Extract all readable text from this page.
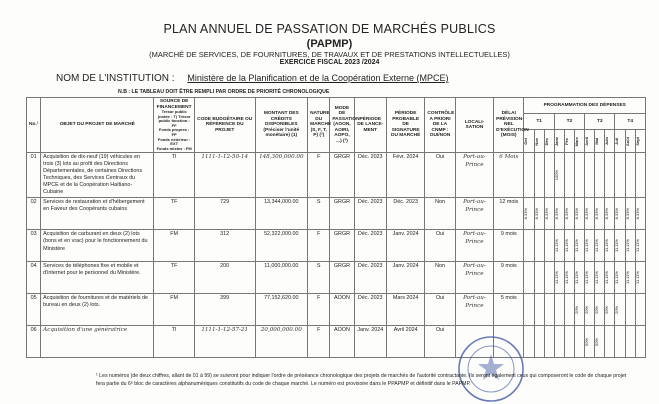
PLAN ANNUEL DE PASSATION DE MARCHÉS PUBLICS
(PAPMP)
(MARCHÉ DE SERVICES, DE FOURNITURES, DE TRAVAUX ET DE PRESTATIONS INTELLECTUELLES)
EXERCICE FISCAL 2023 /2024
NOM DE L'INSTITUTION : Ministère de la Planification et de la Coopération Externe (MPCE)
N.B : LE TABLEAU DOIT ÊTRE REMPLI PAR ORDRE DE PRIORITÉ CHRONOLOGIQUE
No.¹	OBJET DU PROJET DE MARCHÉ	SOURCE DE FINANCEMENT
Trésor public (notée : T) Trésor public fonction.: FF
Fonds propres : FP
Fonds extérieur : EXT
Fonds mixtes : FM	CODE BUDGÉTAIRE OU RÉFÉRENCE DU PROJET	MONTANT DES CRÉDITS DISPONIBLES (Préciser l'unité monétaire) (1)	NATURE DU MARCHÉ (S, F, T, P) (²)	MODE DE PASSATION (AOON, AOIRI, AOPO, ...) (³)	PÉRIODE DE LANCE-MENT	PÉRIODE PROBABLE DE SIGNATURE DU MARCHÉ	CONTRÔLE A PRIORI DE LA CNMP : OUI/NON	LOCALI-SATION	DÉLAI PRÉVISION-NEL D'EXÉCUTION (MOIS)	PROGRAMMATION DES DÉPENSES											
												T1			T2			T3			T4		

												Oct	Nov	Déc	Janv	Fév	Mars	Avril	Mai	Juin	Juil	Août	Sept

01	Acquisition de dix-neuf (19) véhicules en trois (3) lots au profit des Directions Départementales, de certaines Directions Techniques, des Services Centraux du MPCE et de la Coopération Haïtiano-Cubaine	TI	1111-1-12-50-14	148,300,000.00	F	GRGR	Déc. 2023	Févr. 2024	Oui	Port-au-Prince	6 Mois				100%								

02	Services de restauration et d'hébergement en Faveur des Coopérants cubains	TF	729	13,344,000.00	S	GRGR	Déc. 2023	Déc. 2023	Non	Port-au-Prince	12 mois	8.33%	8.33%	8.33%	8.33%	8.33%	8.33%	8.33%	8.33%	8.33%	8.33%	8.33%	8.33%

03	Acquisition de carburant en deux (2) lots (bons et en vrac) pour le fonctionnement du Ministère	FM	312	52,322,000.00	F	GRGR	Déc. 2023	Janv. 2024	Oui	Port-au-Prince	9 mois				11.11%	11.11%	11.11%	11.11%	11.11%	11.11%	11.11%	11.11%	11.11%

04	Services de téléphones fixe et mobile et d'internet pour le personnel du Ministère.	TF	200	11,000,000.00	S	GRGR	Déc. 2023	Janv. 2024	Non	Port-au-Prince	9 mois				11.11%	11.11%	11.11%	11.11%	11.11%	11.11%	11.11%	11.11%	11.11%

05	Acquisition de fournitures et de matériels de bureau en deux (2) lots.	FM	399	77,152,620.00	F	AOON	Déc. 2023	Mars 2024	Oui	Port-au-Prince	5 mois						20%	20%	20%	20%	20%		

06	Acquisition d'une génératrice	TI	1111-1-12-57-21	20,000,000.00	F	AOON	Janv. 2024	Avril 2024	Oui									50%	50%				

¹ Les numéros (de deux chiffres, allant de 01 à 99) se suivront pour indiquer l'ordre de préséance chronologique des projets de marchés de l'autorité contractante. Ils seront également ceux qui composeront le code de chaque projet fera partie du 6ᵉ bloc de caractères alphanumériques constitutifs du code de chaque marché. Le numéro est provisoire dans le PPAPMP et définitif dans le PAPMP.
